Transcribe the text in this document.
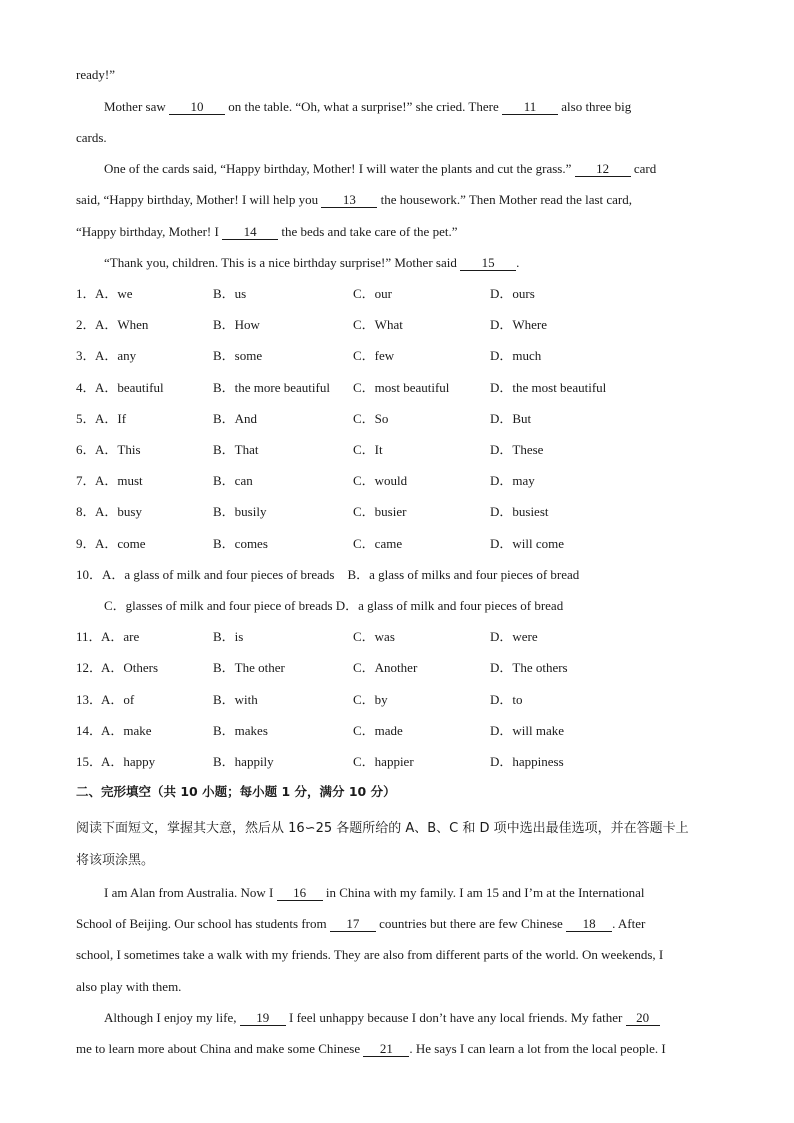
ready!”
Mother saw 10 on the table. “Oh, what a surprise!” she cried. There 11 also three big
cards.
One of the cards said, “Happy birthday, Mother! I will water the plants and cut the grass.” 12 card
said, “Happy birthday, Mother! I will help you 13 the housework.” Then Mother read the last card,
“Happy birthday, Mother! I 14 the beds and take care of the pet.”
“Thank you, children. This is a nice birthday surprise!” Mother said 15 .
1． A．we	B．us	C．our	D．ours
2． A．When	B．How	C．What	D．Where
3． A．any	B．some	C．few	D．much
4． A．beautiful	B．the more beautiful C．most beautiful	D．the most beautiful
5． A．If	B．And	C．So	D．But
6． A．This	B．That	C．It	D．These
7． A．must	B．can	C．would	D．may
8． A．busy	B．busily	C．busier	D．busiest
9． A．come	B．comes	C．came	D．will come
10．A．a glass of milk and four pieces of breads　B．a glass of milks and four pieces of bread
C．glasses of milk and four piece of breads D．a glass of milk and four pieces of bread
11． A．are	B．is	C．was	D．were
12．
A．Others	B．The other	C．Another	D．The others
13．
A．of	B．with	C．by	D．to
14．
A．make	B．makes	C．made	D．will make
15．
A．happy	B．happily	C．happier	D．happiness
二、完形填空（共 10 小题；每小题 1 分，满分 10 分）
阅读下面短文，掌握其大意，然后从 16∽25 各题所给的 A、B、C 和 D 项中选出最佳选项，并在答题卡上
将该项涂黑。
I am Alan from Australia. Now I 16 in China with my family. I am 15 and I’m at the International
School of Beijing. Our school has students from 17 countries but there are few Chinese 18 . After
school, I sometimes take a walk with my friends. They are also from different parts of the world. On weekends, I
also play with them.
Although I enjoy my life, 19 I feel unhappy because I don’t have any local friends. My father 20
me to learn more about China and make some Chinese 21 . He says I can learn a lot from the local people. I
